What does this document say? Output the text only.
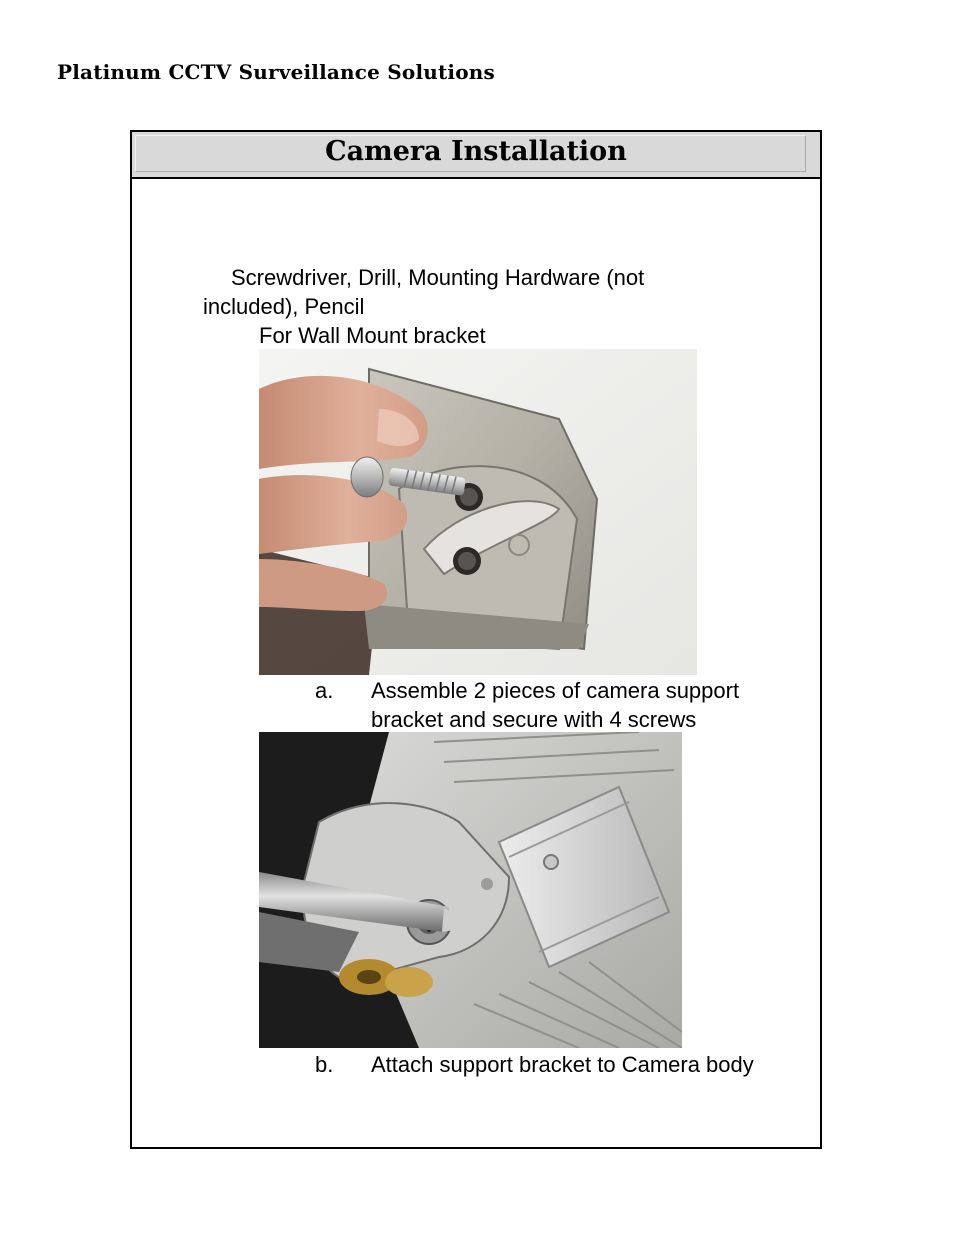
Platinum CCTV Surveillance Solutions
Camera Installation
Screwdriver, Drill, Mounting Hardware (not
included), Pencil
For Wall Mount bracket
a. Assemble 2 pieces of camera support
bracket and secure with 4 screws
b. Attach support bracket to Camera body
